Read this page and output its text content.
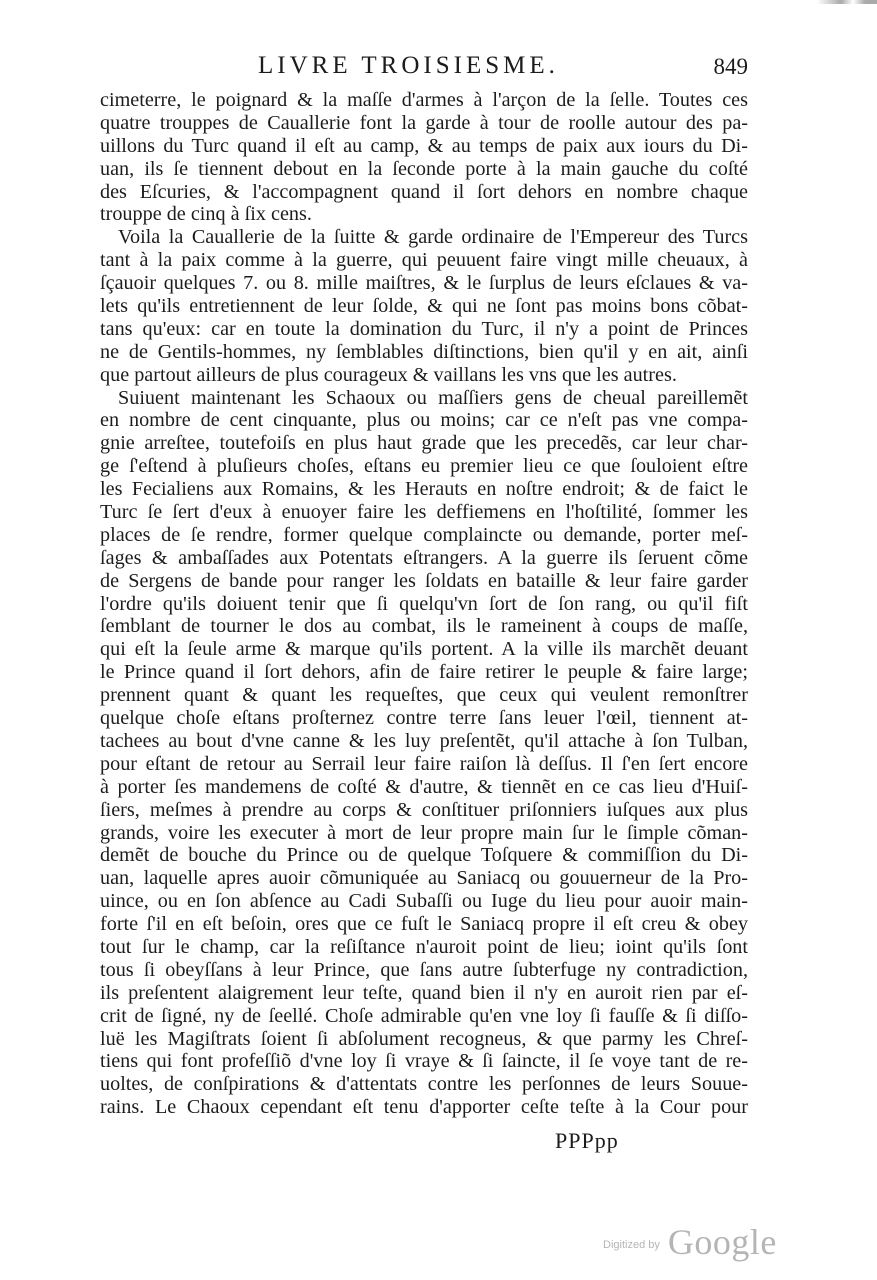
LIVRE TROISIESME.	849
cimeterre, le poignard & la maſſe d'armes à l'arçon de la ſelle. Toutes ces
quatre trouppes de Cauallerie font la garde à tour de roolle autour des pa-
uillons du Turc quand il eſt au camp, & au temps de paix aux iours du Di-
uan, ils ſe tiennent debout en la ſeconde porte à la main gauche du coſté
des Eſcuries, & l'accompagnent quand il ſort dehors en nombre chaque
trouppe de cinq à ſix cens.
Voila la Cauallerie de la ſuitte & garde ordinaire de l'Empereur des Turcs
tant à la paix comme à la guerre, qui peuuent faire vingt mille cheuaux, à
ſçauoir quelques 7. ou 8. mille maiſtres, & le ſurplus de leurs eſclaues & va-
lets qu'ils entretiennent de leur ſolde, & qui ne ſont pas moins bons cõbat-
tans qu'eux: car en toute la domination du Turc, il n'y a point de Princes
ne de Gentils-hommes, ny ſemblables diſtinctions, bien qu'il y en ait, ainſi
que partout ailleurs de plus courageux & vaillans les vns que les autres.
Suiuent maintenant les Schaoux ou maſſiers gens de cheual pareillemẽt
en nombre de cent cinquante, plus ou moins; car ce n'eſt pas vne compa-
gnie arreſtee, toutefoiſs en plus haut grade que les precedẽs, car leur char-
ge ſ'eſtend à pluſieurs choſes, eſtans eu premier lieu ce que ſouloient eſtre
les Fecialiens aux Romains, & les Herauts en noſtre endroit; & de faict le
Turc ſe ſert d'eux à enuoyer faire les deffiemens en l'hoſtilité, ſommer les
places de ſe rendre, former quelque complaincte ou demande, porter meſ-
ſages & ambaſſades aux Potentats eſtrangers. A la guerre ils ſeruent cõme
de Sergens de bande pour ranger les ſoldats en bataille & leur faire garder
l'ordre qu'ils doiuent tenir que ſi quelqu'vn ſort de ſon rang, ou qu'il fiſt
ſemblant de tourner le dos au combat, ils le rameinent à coups de maſſe,
qui eſt la ſeule arme & marque qu'ils portent. A la ville ils marchẽt deuant
le Prince quand il ſort dehors, afin de faire retirer le peuple & faire large;
prennent quant & quant les requeſtes, que ceux qui veulent remonſtrer
quelque choſe eſtans proſternez contre terre ſans leuer l'œil, tiennent at-
tachees au bout d'vne canne & les luy preſentẽt, qu'il attache à ſon Tulban,
pour eſtant de retour au Serrail leur faire raiſon là deſſus. Il ſ'en ſert encore
à porter ſes mandemens de coſté & d'autre, & tiennẽt en ce cas lieu d'Huiſ-
ſiers, meſmes à prendre au corps & conſtituer priſonniers iuſques aux plus
grands, voire les executer à mort de leur propre main ſur le ſimple cõman-
demẽt de bouche du Prince ou de quelque Toſquere & commiſſion du Di-
uan, laquelle apres auoir cõmuniquée au Saniacq ou gouuerneur de la Pro-
uince, ou en ſon abſence au Cadi Subaſſi ou Iuge du lieu pour auoir main-
forte ſ'il en eſt beſoin, ores que ce fuſt le Saniacq propre il eſt creu & obey
tout ſur le champ, car la reſiſtance n'auroit point de lieu; ioint qu'ils ſont
tous ſi obeyſſans à leur Prince, que ſans autre ſubterfuge ny contradiction,
ils preſentent alaigrement leur teſte, quand bien il n'y en auroit rien par eſ-
crit de ſigné, ny de ſeellé. Choſe admirable qu'en vne loy ſi fauſſe & ſi diſſo-
luë les Magiſtrats ſoient ſi abſolument recogneus, & que parmy les Chreſ-
tiens qui font profeſſiõ d'vne loy ſi vraye & ſi ſaincte, il ſe voye tant de re-
uoltes, de conſpirations & d'attentats contre les perſonnes de leurs Souue-
rains. Le Chaoux cependant eſt tenu d'apporter ceſte teſte à la Cour pour
PPPpp
$^{Digitized by}$ Google
